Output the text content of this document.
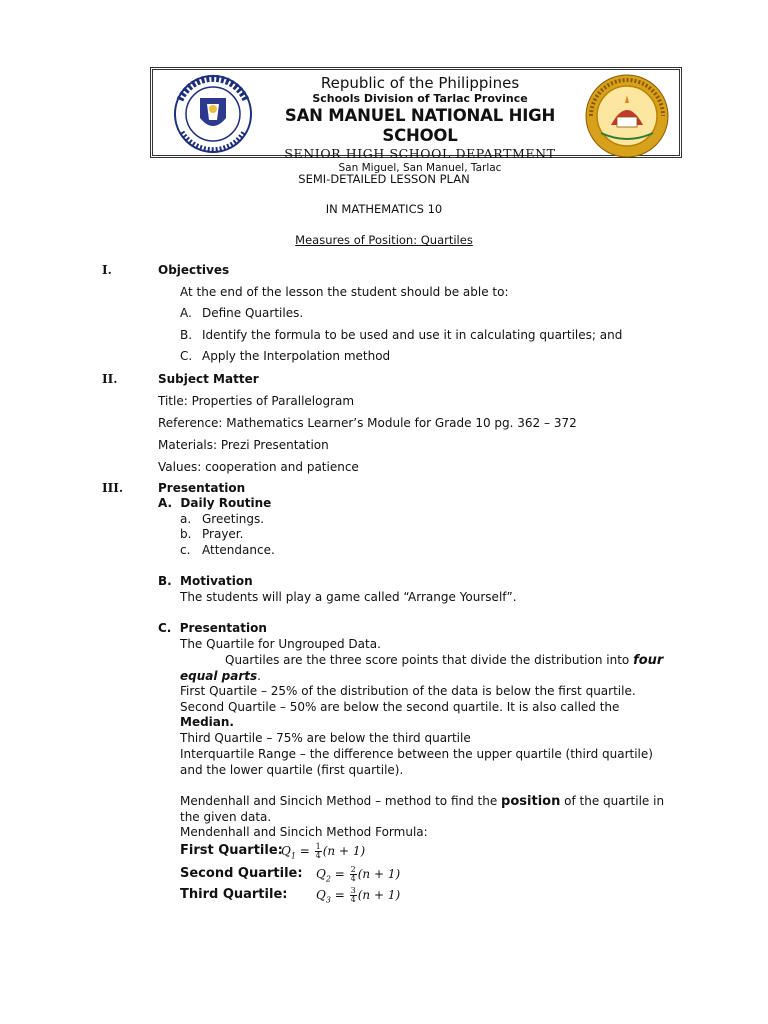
Republic of the Philippines
Schools Division of Tarlac Province
SAN MANUEL NATIONAL HIGH SCHOOL
SENIOR HIGH SCHOOL DEPARTMENT
San Miguel, San Manuel, Tarlac
SEMI-DETAILED LESSON PLAN
IN MATHEMATICS 10
Measures of Position: Quartiles
I.	Objectives
At the end of the lesson the student should be able to:
A. Define Quartiles.
B. Identify the formula to be used and use it in calculating quartiles; and
C. Apply the Interpolation method
II.	Subject Matter
Title: Properties of Parallelogram
Reference: Mathematics Learner’s Module for Grade 10 pg. 362 – 372
Materials: Prezi Presentation
Values: cooperation and patience
III.	Presentation
A.  Daily Routine
a. Greetings.
b. Prayer.
c. Attendance.
B.  Motivation
The students will play a game called “Arrange Yourself”.
C.  Presentation
The Quartile for Ungrouped Data.
Quartiles are the three score points that divide the distribution into four
equal parts.
First Quartile – 25% of the distribution of the data is below the first quartile.
Second Quartile – 50% are below the second quartile. It is also called the
Median.
Third Quartile – 75% are below the third quartile
Interquartile Range – the difference between the upper quartile (third quartile)
and the lower quartile (first quartile).
Mendenhall and Sincich Method – method to find the position of the quartile in
the given data.
Mendenhall and Sincich Method Formula:
First Quartile:
$Q_1 = \frac{1}{4} (n + 1)$
Second Quartile: $Q_2 = \frac{2}{4} (n + 1)$
Third Quartile: $Q_3 = \frac{3}{4} (n + 1)$
